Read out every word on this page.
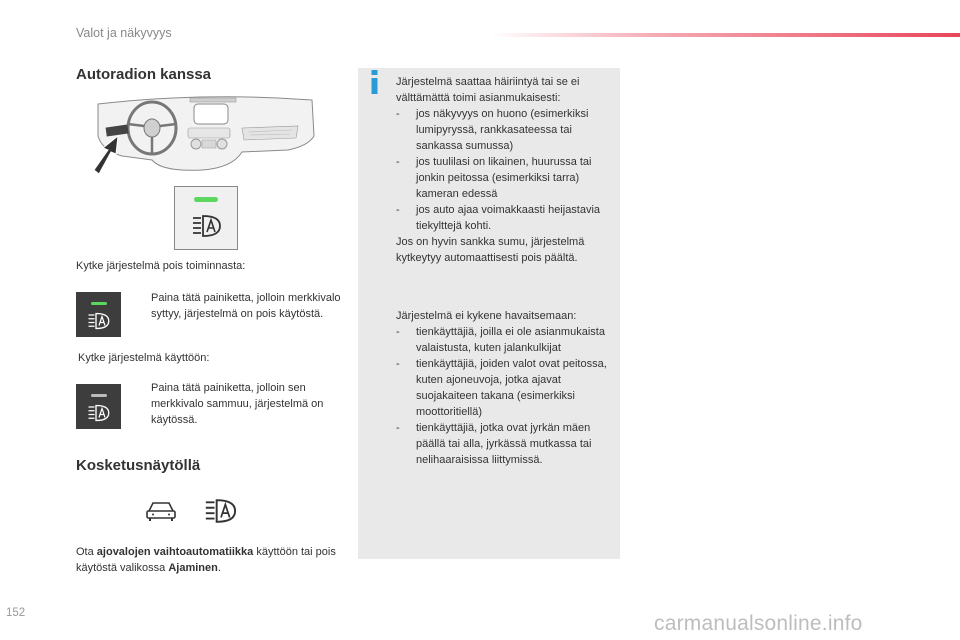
Valot ja näkyvyys
Autoradion kanssa
Kytke järjestelmä pois toiminnasta:
Paina tätä painiketta, jolloin merkkivalo syttyy, järjestelmä on pois käytöstä.
Kytke järjestelmä käyttöön:
Paina tätä painiketta, jolloin sen merkkivalo sammuu, järjestelmä on käytössä.
Kosketusnäytöllä
Ota ajovalojen vaihtoautomatiikka käyttöön tai pois käytöstä valikossa Ajaminen.

Järjestelmä saattaa häiriintyä tai se ei välttämättä toimi asianmukaisesti:

-	jos näkyvyys on huono (esimerkiksi lumipyryssä, rankkasateessa tai sankassa sumussa)
-	jos tuulilasi on likainen, huurussa tai jonkin peitossa (esimerkiksi tarra) kameran edessä
-	jos auto ajaa voimakkaasti heijastavia tiekylttejä kohti.

Jos on hyvin sankka sumu, järjestelmä kytkeytyy automaattisesti pois päältä.

Järjestelmä ei kykene havaitsemaan:

-	tienkäyttäjiä, joilla ei ole asianmukaista valaistusta, kuten jalankulkijat
-	tienkäyttäjiä, joiden valot ovat peitossa, kuten ajoneuvoja, jotka ajavat suojakaiteen takana (esimerkiksi moottoritiellä)
-	tienkäyttäjiä, jotka ovat jyrkän mäen päällä tai alla, jyrkässä mutkassa tai nelihaaraisissa liittymissä.
152	carmanualsonline.info
